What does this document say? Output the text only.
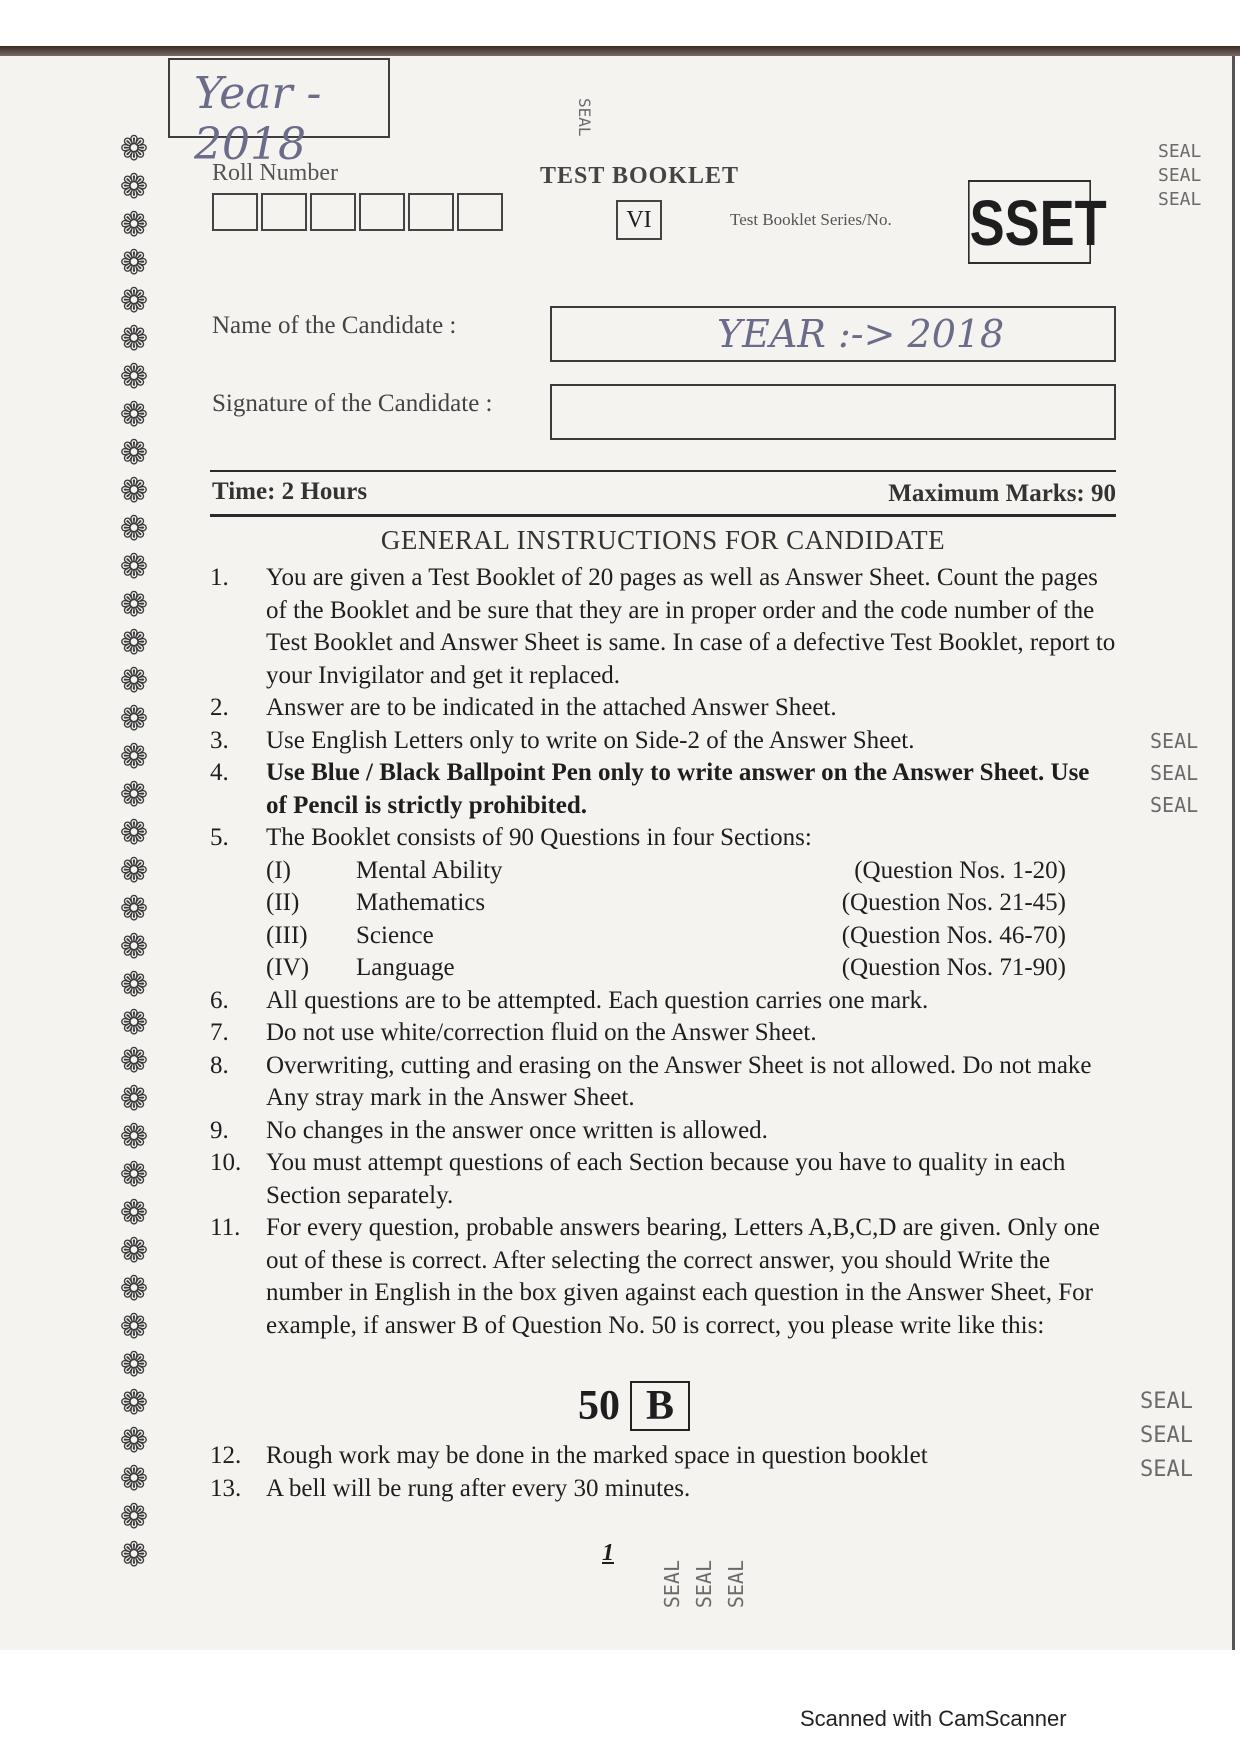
❁
❁
❁
❁
❁
❁
❁
❁
❁
❁
❁
❁
❁
❁
❁
❁
❁
❁
❁
❁
❁
❁
❁
❁
❁
❁
❁
❁
❁
❁
❁
❁
❁
❁
❁
❁
❁
❁
Year - 2018
Roll Number	TEST BOOKLET
VI	Test Booklet Series/No. SSET
Name of the Candidate :	YEAR :-> 2018
Signature of the Candidate :
Time: 2 Hours	Maximum Marks: 90
GENERAL INSTRUCTIONS FOR CANDIDATE
1.	You are given a Test Booklet of 20 pages as well as Answer Sheet. Count the pages of the Booklet and be sure that they are in proper order and the code number of the Test Booklet and Answer Sheet is same. In case of a defective Test Booklet, report to your Invigilator and get it replaced.
2.	Answer are to be indicated in the attached Answer Sheet.
3.	Use English Letters only to write on Side-2 of the Answer Sheet.
4.	Use Blue / Black Ballpoint Pen only to write answer on the Answer Sheet. Use of Pencil is strictly prohibited.
5.	The Booklet consists of 90 Questions in four Sections:
(I)	Mental Ability	(Question Nos. 1-20)
(II)	Mathematics	(Question Nos. 21-45)
(III)	Science	(Question Nos. 46-70)
(IV)	Language	(Question Nos. 71-90)
6.	All questions are to be attempted. Each question carries one mark.
7.	Do not use white/correction fluid on the Answer Sheet.
8.	Overwriting, cutting and erasing on the Answer Sheet is not allowed. Do not make Any stray mark in the Answer Sheet.
9.	No changes in the answer once written is allowed.
10. You must attempt questions of each Section because you have to quality in each Section separately.
11.	For every question, probable answers bearing, Letters A,B,C,D are given. Only one out of these is correct. After selecting the correct answer, you should Write the number in English in the box given against each question in the Answer Sheet, For example, if answer B of Question No. 50 is correct, you please write like this:
50 B
12. Rough work may be done in the marked space in question booklet
13. A bell will be rung after every 30 minutes.
1
SEAL
SEAL
SEAL
SEAL
SEAL
SEAL
SEAL
SEAL
SEAL
SEAL
SEAL SEAL SEAL
Scanned with CamScanner
